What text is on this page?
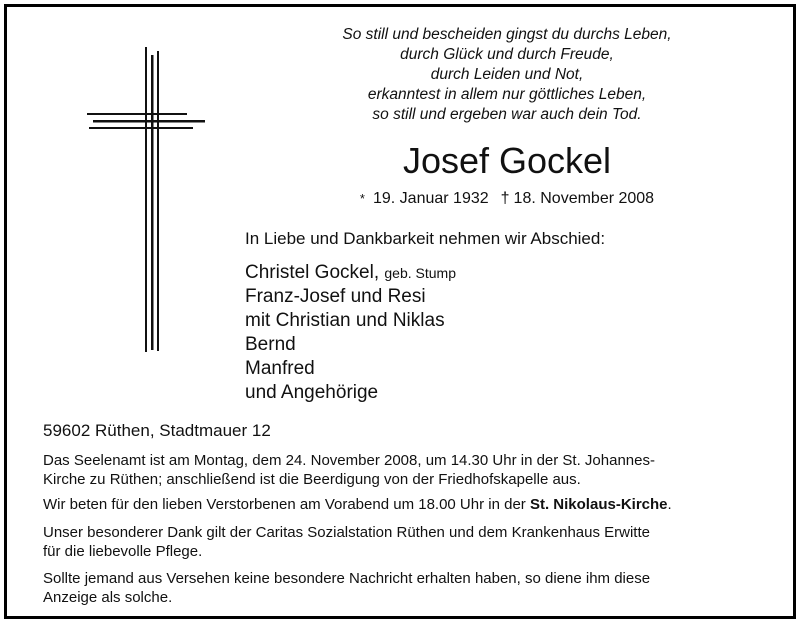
So still und bescheiden gingst du durchs Leben,
durch Glück und durch Freude,
durch Leiden und Not,
erkanntest in allem nur göttliches Leben,
so still und ergeben war auch dein Tod.
Josef Gockel
* 19. Januar 1932 † 18. November 2008
In Liebe und Dankbarkeit nehmen wir Abschied:
Christel Gockel, geb. Stump
Franz-Josef und Resi
mit Christian und Niklas
Bernd
Manfred
und Angehörige
59602 Rüthen, Stadtmauer 12
Das Seelenamt ist am Montag, dem 24. November 2008, um 14.30 Uhr in der St. Johannes-
Kirche zu Rüthen; anschließend ist die Beerdigung von der Friedhofskapelle aus.
Wir beten für den lieben Verstorbenen am Vorabend um 18.00 Uhr in der St. Nikolaus-Kirche.
Unser besonderer Dank gilt der Caritas Sozialstation Rüthen und dem Krankenhaus Erwitte
für die liebevolle Pflege.
Sollte jemand aus Versehen keine besondere Nachricht erhalten haben, so diene ihm diese
Anzeige als solche.
